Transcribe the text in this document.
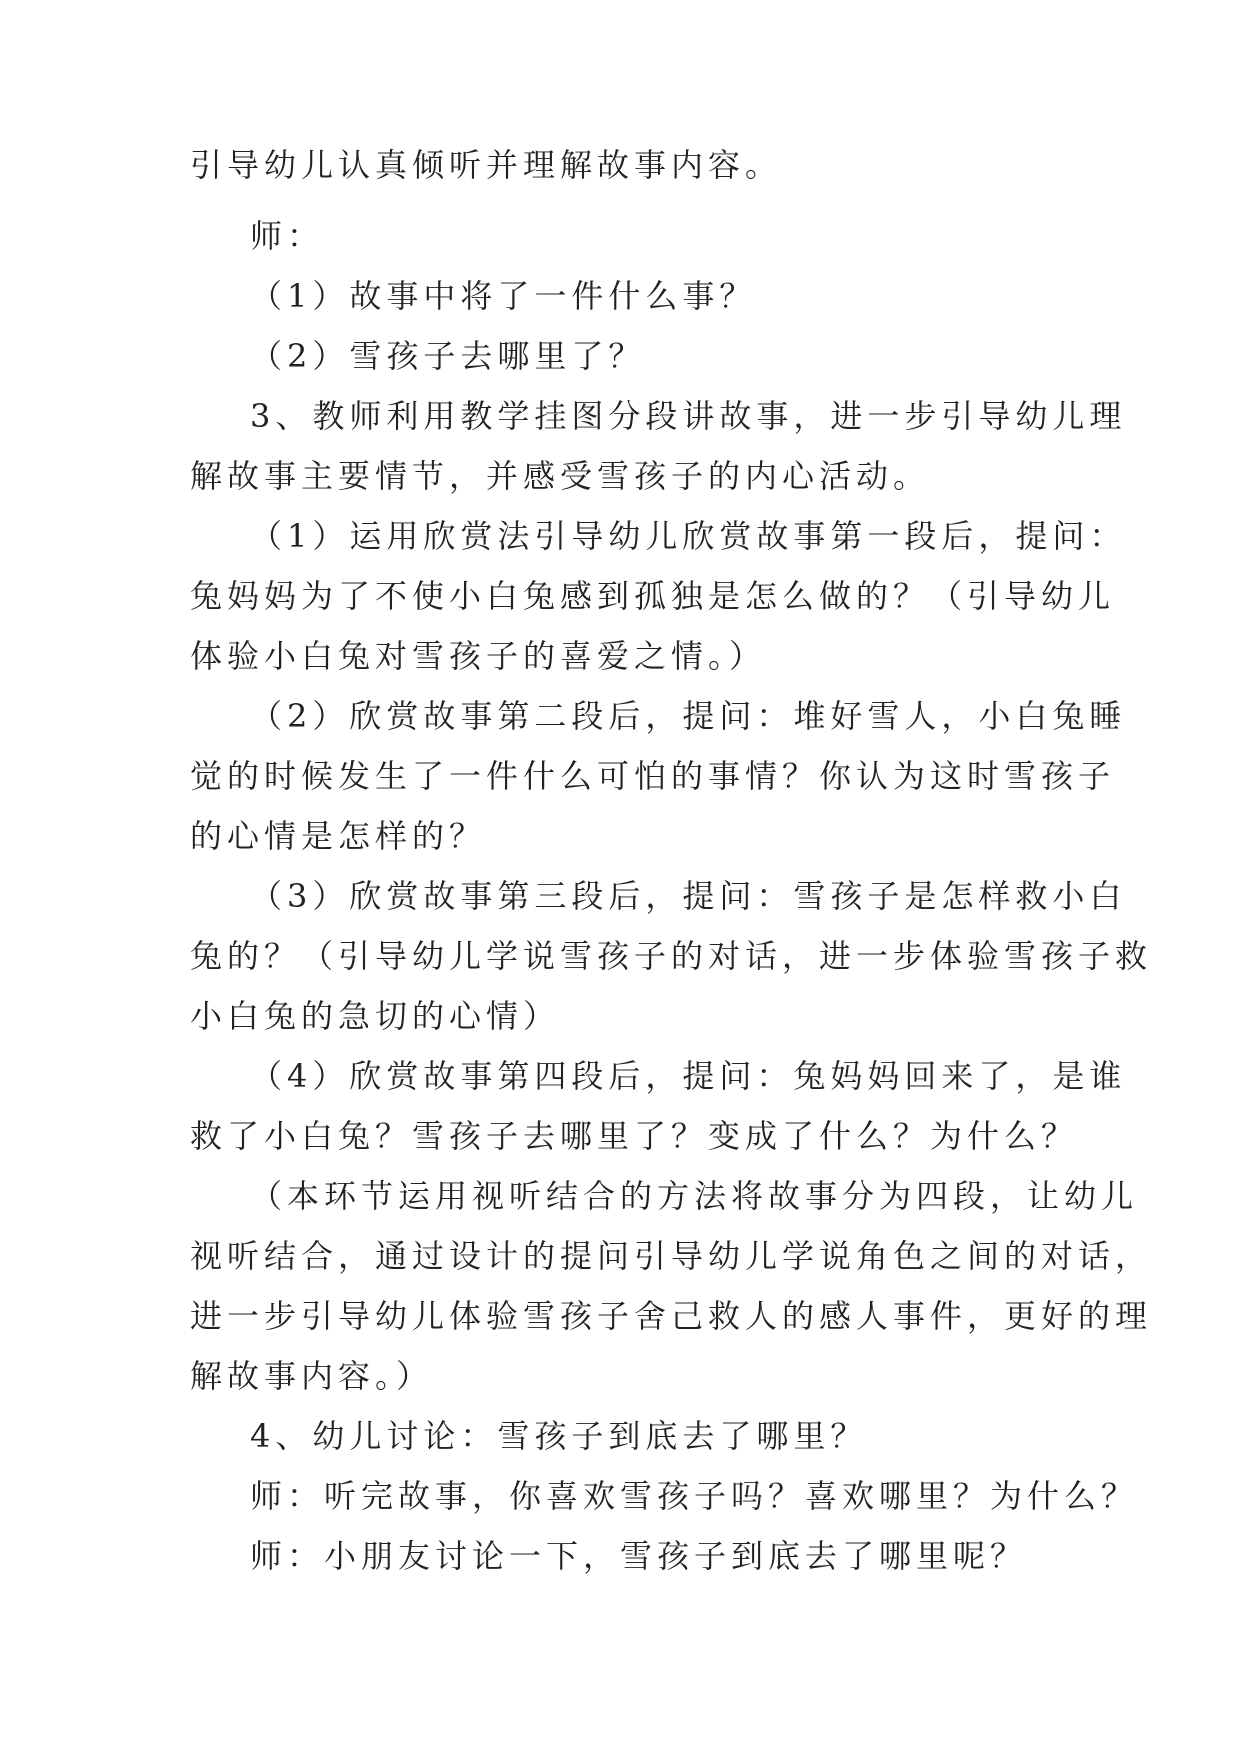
引导幼儿认真倾听并理解故事内容。
师：
（1）故事中将了一件什么事？
（2）雪孩子去哪里了？
3、教师利用教学挂图分段讲故事，进一步引导幼儿理
解故事主要情节，并感受雪孩子的内心活动。
（1）运用欣赏法引导幼儿欣赏故事第一段后，提问：
兔妈妈为了不使小白兔感到孤独是怎么做的？（引导幼儿
体验小白兔对雪孩子的喜爱之情。）
（2）欣赏故事第二段后，提问：堆好雪人，小白兔睡
觉的时候发生了一件什么可怕的事情？你认为这时雪孩子
的心情是怎样的？
（3）欣赏故事第三段后，提问：雪孩子是怎样救小白
兔的？（引导幼儿学说雪孩子的对话，进一步体验雪孩子救
小白兔的急切的心情）
（4）欣赏故事第四段后，提问：兔妈妈回来了，是谁
救了小白兔？雪孩子去哪里了？变成了什么？为什么？
（本环节运用视听结合的方法将故事分为四段，让幼儿
视听结合，通过设计的提问引导幼儿学说角色之间的对话，
进一步引导幼儿体验雪孩子舍己救人的感人事件，更好的理
解故事内容。）
4、幼儿讨论：雪孩子到底去了哪里？
师：听完故事，你喜欢雪孩子吗？喜欢哪里？为什么？
师：小朋友讨论一下，雪孩子到底去了哪里呢？
